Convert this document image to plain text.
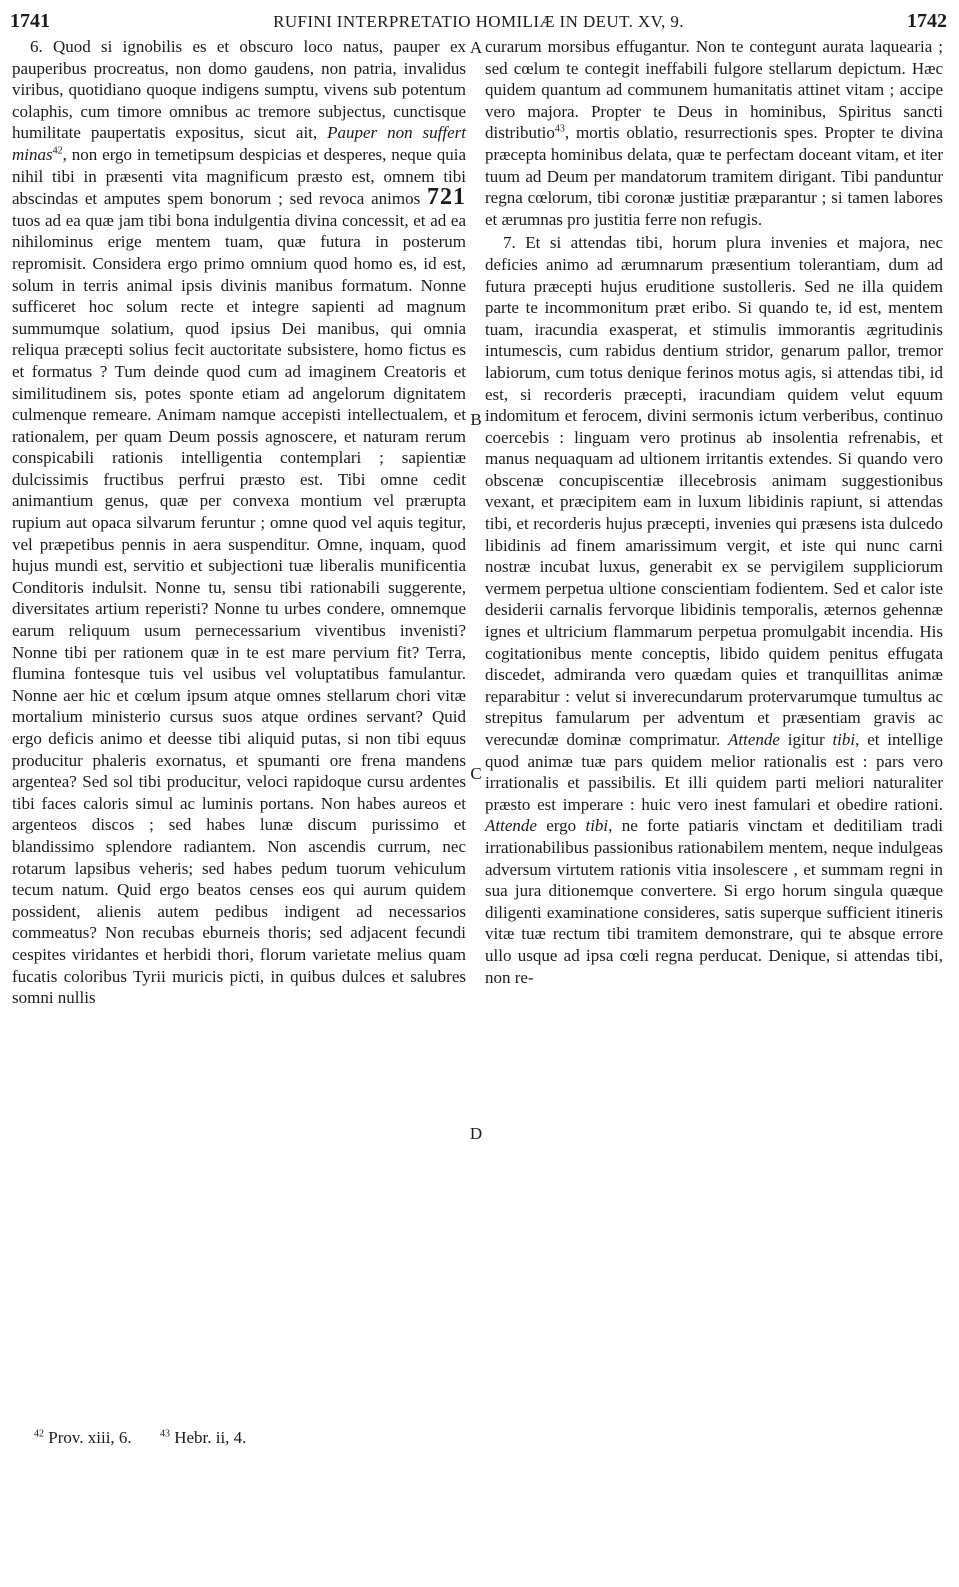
1741	RUFINI INTERPRETATIO HOMILIÆ IN DEUT. XV, 9.	1742
A
B
C
D

6. Quod si ignobilis es et obscuro loco natus, pauper ex pauperibus procreatus, non domo gaudens, non patria, invalidus viribus, quotidiano quoque indigens sumptu, vivens sub potentum colaphis, cum timore omnibus ac tremore subjectus, cunctisque humilitate paupertatis expositus, sicut ait, Pauper non suffert minas$^{42}$, non ergo in temetipsum despicias et desperes, neque quia nihil tibi in præsenti vita magnificum præsto est, omnem tibi abscindas et amputes spem bonorum ; sed revoca animos 721 tuos ad ea quæ jam tibi bona indulgentia divina concessit, et ad ea nihilominus erige mentem tuam, quæ futura in posterum repromisit. Considera ergo primo omnium quod homo es, id est, solum in terris animal ipsis divinis manibus formatum. Nonne sufficeret hoc solum recte et integre sapienti ad magnum summumque solatium, quod ipsius Dei manibus, qui omnia reliqua præcepti solius fecit auctoritate subsistere, homo fictus es et formatus ? Tum deinde quod cum ad imaginem Creatoris et similitudinem sis, potes sponte etiam ad angelorum dignitatem culmenque remeare. Animam namque accepisti intellectualem, et rationalem, per quam Deum possis agnoscere, et naturam rerum conspicabili rationis intelligentia contemplari ; sapientiæ dulcissimis fructibus perfrui præsto est. Tibi omne cedit animantium genus, quæ per convexa montium vel prærupta rupium aut opaca silvarum feruntur ; omne quod vel aquis tegitur, vel præpetibus pennis in aera suspenditur. Omne, inquam, quod hujus mundi est, servitio et subjectioni tuæ liberalis munificentia Conditoris indulsit. Nonne tu, sensu tibi rationabili suggerente, diversitates artium reperisti? Nonne tu urbes condere, omnemque earum reliquum usum pernecessarium viventibus invenisti? Nonne tibi per rationem quæ in te est mare pervium fit? Terra, flumina fontesque tuis vel usibus vel voluptatibus famulantur. Nonne aer hic et cœlum ipsum atque omnes stellarum chori vitæ mortalium ministerio cursus suos atque ordines servant? Quid ergo deficis animo et deesse tibi aliquid putas, si non tibi equus producitur phaleris exornatus, et spumanti ore frena mandens argentea? Sed sol tibi producitur, veloci rapidoque cursu ardentes tibi faces caloris simul ac luminis portans. Non habes aureos et argenteos discos ; sed habes lunæ discum purissimo et blandissimo splendore radiantem. Non ascendis currum, nec rotarum lapsibus veheris; sed habes pedum tuorum vehiculum tecum natum. Quid ergo beatos censes eos qui aurum quidem possident, alienis autem pedibus indigent ad necessarios commeatus? Non recubas eburneis thoris; sed adjacent fecundi cespites viridantes et herbidi thori, florum varietate melius quam fucatis coloribus Tyrii muricis picti, in quibus dulces et salubres somni nullis

curarum morsibus effugantur. Non te contegunt aurata laquearia ; sed cœlum te contegit ineffabili fulgore stellarum depictum. Hæc quidem quantum ad communem humanitatis attinet vitam ; accipe vero majora. Propter te Deus in hominibus, Spiritus sancti distributio$^{43}$, mortis oblatio, resurrectionis spes. Propter te divina præcepta hominibus delata, quæ te perfectam doceant vitam, et iter tuum ad Deum per mandatorum tramitem dirigant. Tibi panduntur regna cœlorum, tibi coronæ justitiæ præparantur ; si tamen labores et ærumnas pro justitia ferre non refugis.

7. Et si attendas tibi, horum plura invenies et majora, nec deficies animo ad ærumnarum præsentium tolerantiam, dum ad futura præcepti hujus eruditione sustolleris. Sed ne illa quidem parte te incommonitum præt eribo. Si quando te, id est, mentem tuam, iracundia exasperat, et stimulis immorantis ægritudinis intumescis, cum rabidus dentium stridor, genarum pallor, tremor labiorum, cum totus denique ferinos motus agis, si attendas tibi, id est, si recorderis præcepti, iracundiam quidem velut equum indomitum et ferocem, divini sermonis ictum verberibus, continuo coercebis : linguam vero protinus ab insolentia refrenabis, et manus nequaquam ad ultionem irritantis extendes. Si quando vero obscenæ concupiscentiæ illecebrosis animam suggestionibus vexant, et præcipitem eam in luxum libidinis rapiunt, si attendas tibi, et recorderis hujus præcepti, invenies qui præsens ista dulcedo libidinis ad finem amarissimum vergit, et iste qui nunc carni nostræ incubat luxus, generabit ex se pervigilem suppliciorum vermem perpetua ultione conscientiam fodientem. Sed et calor iste desiderii carnalis fervorque libidinis temporalis, æternos gehennæ ignes et ultricium flammarum perpetua promulgabit incendia. His cogitationibus mente conceptis, libido quidem penitus effugata discedet, admiranda vero quædam quies et tranquillitas animæ reparabitur : velut si inverecundarum protervarumque tumultus ac strepitus famularum per adventum et præsentiam gravis ac verecundæ dominæ comprimatur. Attende igitur tibi, et intellige quod animæ tuæ pars quidem melior rationalis est : pars vero irrationalis et passibilis. Et illi quidem parti meliori naturaliter præsto est imperare : huic vero inest famulari et obedire rationi. Attende ergo tibi, ne forte patiaris vinctam et deditiliam tradi irrationabilibus passionibus rationabilem mentem, neque indulgeas adversum virtutem rationis vitia insolescere , et summam regni in sua jura ditionemque convertere. Si ergo horum singula quæque diligenti examinatione consideres, satis superque sufficient itineris vitæ tuæ rectum tibi tramitem demonstrare, qui te absque errore ullo usque ad ipsa cœli regna perducat. Denique, si attendas tibi, non re-

$^{42}$ Prov. xiii, 6.	$^{43}$ Hebr. ii, 4.
